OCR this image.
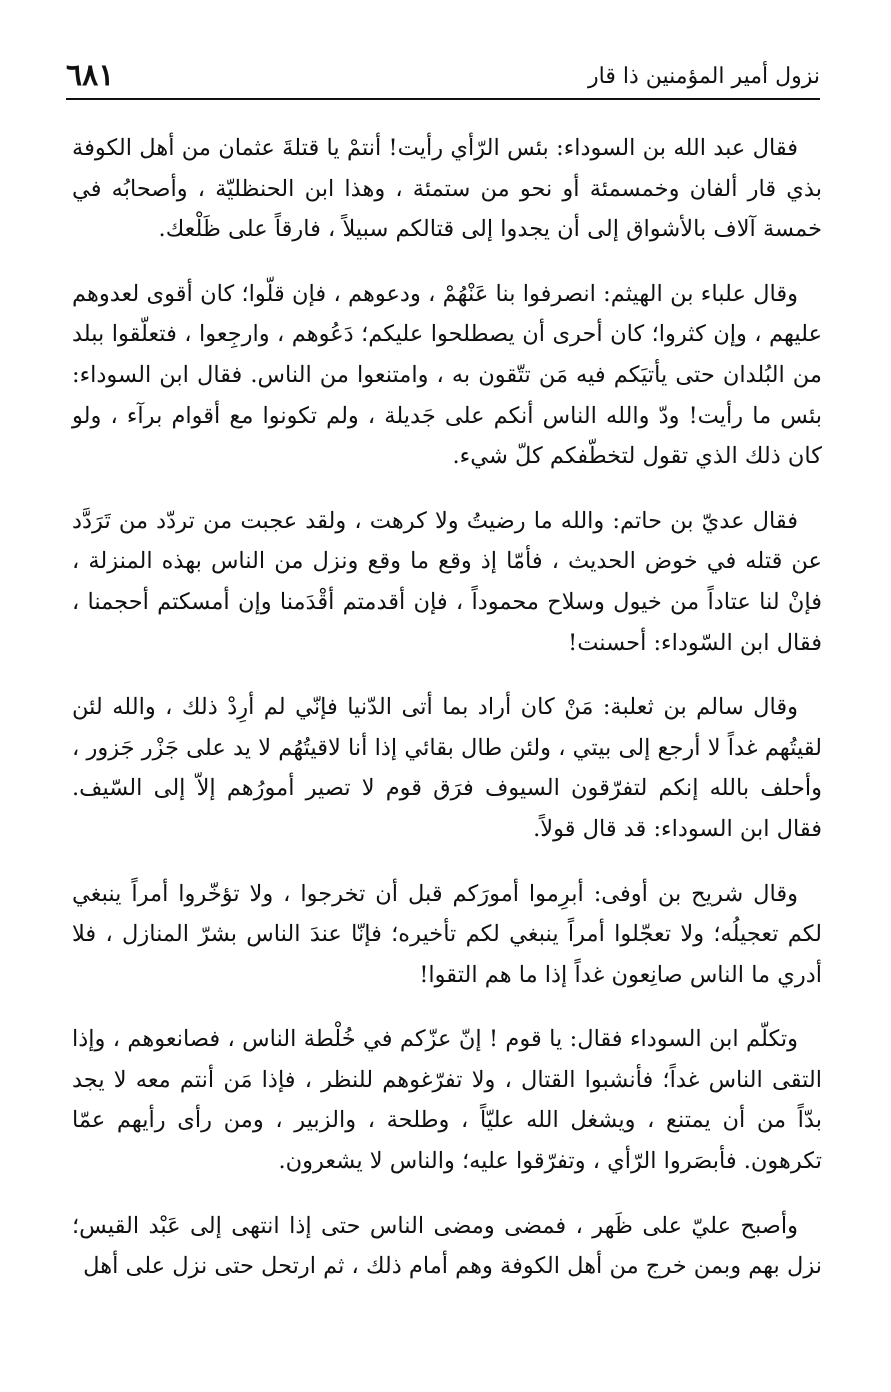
٦٨١	نزول أمير المؤمنين ذا قار

فقال عبد الله بن السوداء: بئس الرّأي رأيت! أنتمْ يا قتلةَ عثمان من أهل الكوفة بذي قار ألفان وخمسمئة أو نحو من ستمئة ، وهذا ابن الحنظليّة ، وأصحابُه في خمسة آلاف بالأشواق إلى أن يجدوا إلى قتالكم سبيلاً ، فارقاً على ظَلْعك.

وقال علباء بن الهيثم: انصرفوا بنا عَنْهُمْ ، ودعوهم ، فإن قلّوا؛ كان أقوى لعدوهم عليهم ، وإن كثروا؛ كان أحرى أن يصطلحوا عليكم؛ دَعُوهم ، وارجِعوا ، فتعلّقوا ببلد من البُلدان حتى يأتيَكم فيه مَن تتّقون به ، وامتنعوا من الناس. فقال ابن السوداء: بئس ما رأيت! ودّ والله الناس أنكم على جَديلة ، ولم تكونوا مع أقوام برآء ، ولو كان ذلك الذي تقول لتخطّفكم كلّ شيء.

فقال عديّ بن حاتم: والله ما رضيتُ ولا كرهت ، ولقد عجبت من تردّد من تَرَدَّد عن قتله في خوض الحديث ، فأمّا إذ وقع ما وقع ونزل من الناس بهذه المنزلة ، فإنْ لنا عتاداً من خيول وسلاح محموداً ، فإن أقدمتم أقْدَمنا وإن أمسكتم أحجمنا ، فقال ابن السّوداء: أحسنت!

وقال سالم بن ثعلبة: مَنْ كان أراد بما أتى الدّنيا فإنّي لم أرِدْ ذلك ، والله لئن لقيتُهم غداً لا أرجع إلى بيتي ، ولئن طال بقائي إذا أنا لاقيتُهُم لا يد على جَزْر جَزور ، وأحلف بالله إنكم لتفرّقون السيوف فرَق قوم لا تصير أمورُهم إلاّ إلى السّيف. فقال ابن السوداء: قد قال قولاً.

وقال شريح بن أوفى: أبرِموا أمورَكم قبل أن تخرجوا ، ولا تؤخّروا أمراً ينبغي لكم تعجيلُه؛ ولا تعجّلوا أمراً ينبغي لكم تأخيره؛ فإنّا عندَ الناس بشرّ المنازل ، فلا أدري ما الناس صانِعون غداً إذا ما هم التقوا!

وتكلّم ابن السوداء فقال: يا قوم ! إنّ عزّكم في خُلْطة الناس ، فصانعوهم ، وإذا التقى الناس غداً؛ فأنشبوا القتال ، ولا تفرّغوهم للنظر ، فإذا مَن أنتم معه لا يجد بدّاً من أن يمتنع ، ويشغل الله عليّاً ، وطلحة ، والزبير ، ومن رأى رأيهم عمّا تكرهون. فأبصَروا الرّأي ، وتفرّقوا عليه؛ والناس لا يشعرون.

وأصبح عليّ على ظَهر ، فمضى ومضى الناس حتى إذا انتهى إلى عَبْد القيس؛ نزل بهم وبمن خرج من أهل الكوفة وهم أمام ذلك ، ثم ارتحل حتى نزل على أهل
